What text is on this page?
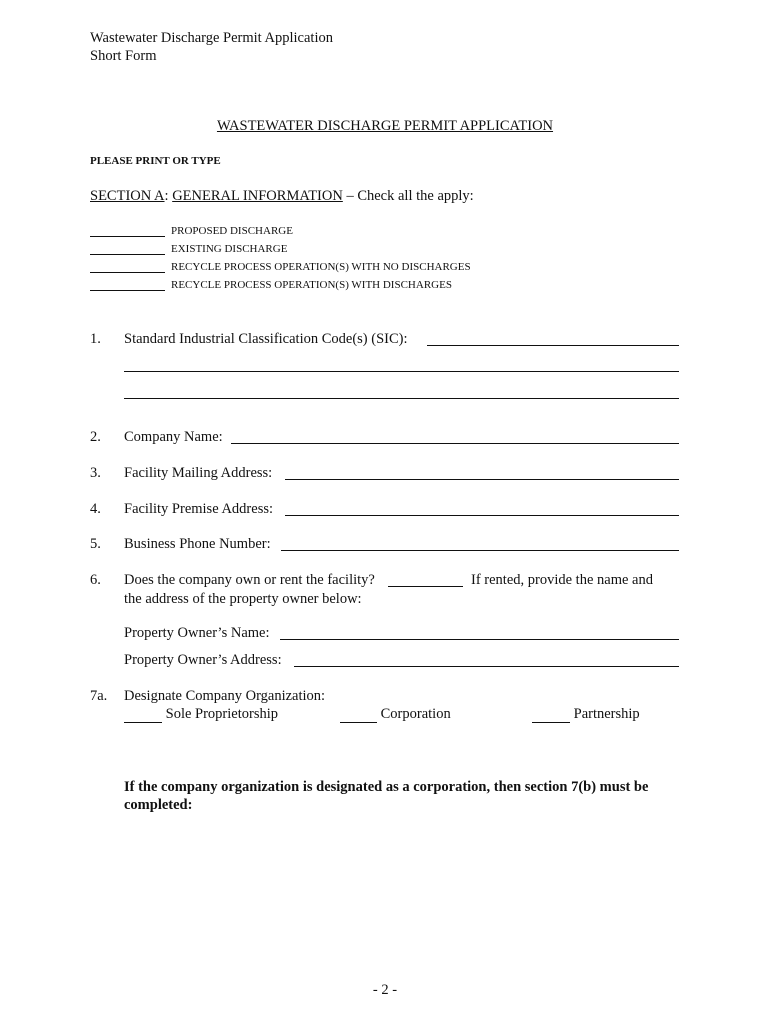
Wastewater Discharge Permit Application
Short Form
WASTEWATER DISCHARGE PERMIT APPLICATION
PLEASE PRINT OR TYPE
SECTION A: GENERAL INFORMATION – Check all the apply:
PROPOSED DISCHARGE
EXISTING DISCHARGE
RECYCLE PROCESS OPERATION(S) WITH NO DISCHARGES
RECYCLE PROCESS OPERATION(S) WITH DISCHARGES
1. Standard Industrial Classification Code(s) (SIC):
2. Company Name:
3. Facility Mailing Address:
4. Facility Premise Address:
5. Business Phone Number:
6. Does the company own or rent the facility?	If rented, provide the name and
the address of the property owner below:
Property Owner’s Name:
Property Owner’s Address:
7a. Designate Company Organization:
Sole Proprietorship	Corporation	Partnership
If the company organization is designated as a corporation, then section 7(b) must be completed:
- 2 -
